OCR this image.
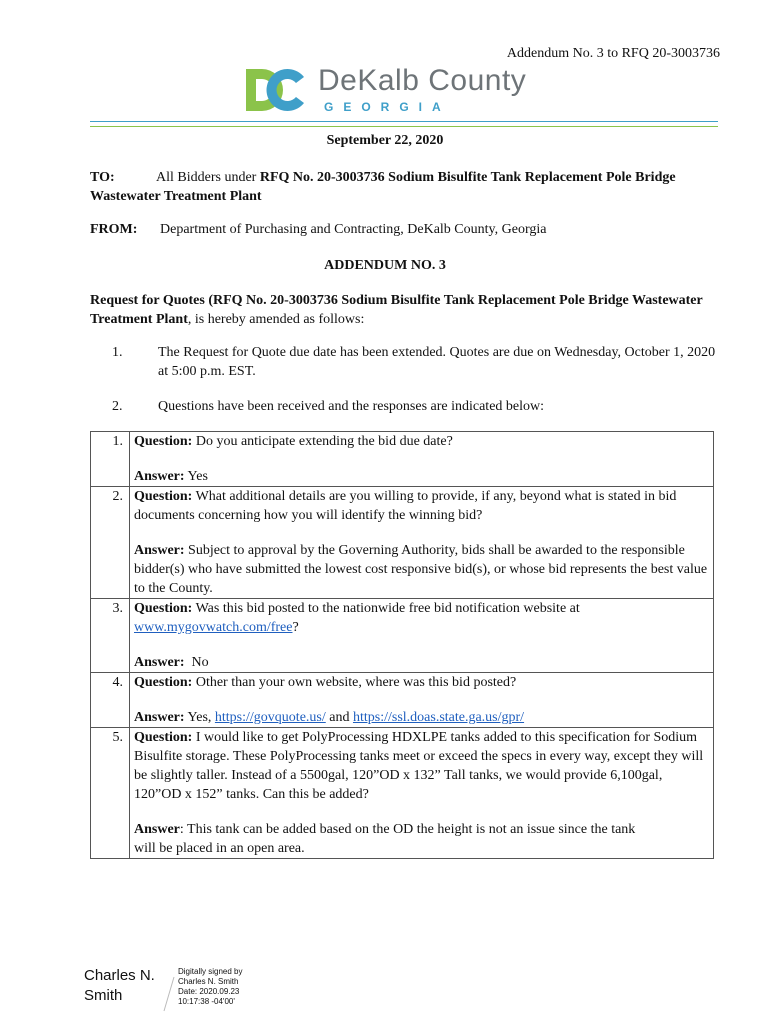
Addendum No. 3 to RFQ 20-3003736
DeKalb County
GEORGIA
September 22, 2020
TO:	All Bidders under RFQ No. 20-3003736 Sodium Bisulfite Tank Replacement Pole Bridge Wastewater Treatment Plant
FROM: Department of Purchasing and Contracting, DeKalb County, Georgia
ADDENDUM NO. 3
Request for Quotes (RFQ No. 20-3003736 Sodium Bisulfite Tank Replacement Pole Bridge Wastewater Treatment Plant, is hereby amended as follows:
1.	The Request for Quote due date has been extended. Quotes are due on Wednesday, October 1, 2020 at 5:00 p.m. EST.
2.	Questions have been received and the responses are indicated below:
1.	Question: Do you anticipate extending the bid due date?
Answer: Yes

2.	Question: What additional details are you willing to provide, if any, beyond what is stated in bid documents concerning how you will identify the winning bid?
Answer: Subject to approval by the Governing Authority, bids shall be awarded to the responsible bidder(s) who have submitted the lowest cost responsive bid(s), or whose bid represents the best value to the County.

3.	Question: Was this bid posted to the nationwide free bid notification website at www.mygovwatch.com/free?
Answer: No

4.	Question: Other than your own website, where was this bid posted?
Answer: Yes, https://govquote.us/ and https://ssl.doas.state.ga.us/gpr/

5.	Question: I would like to get PolyProcessing HDXLPE tanks added to this specification for Sodium Bisulfite storage. These PolyProcessing tanks meet or exceed the specs in every way, except they will be slightly taller. Instead of a 5500gal, 120”OD x 132” Tall tanks, we would provide 6,100gal, 120”OD x 152” tanks. Can this be added?
Answer: This tank can be added based on the OD the height is not an issue since the tank will be placed in an open area.
Charles N.
Smith
Digitally signed by
Charles N. Smith
Date: 2020.09.23
10:17:38 -04'00'
